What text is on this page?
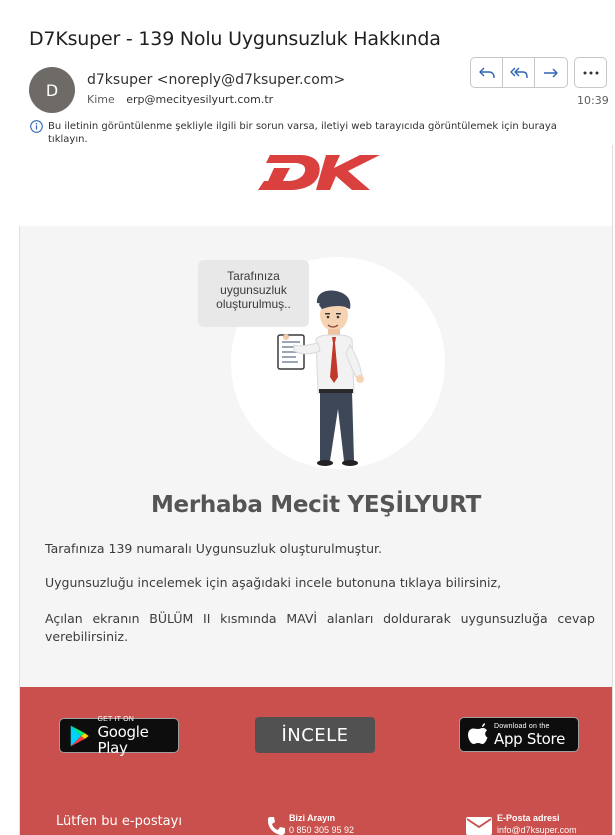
D7Ksuper - 139 Nolu Uygunsuzluk Hakkında
D
d7ksuper <noreply@d7ksuper.com>
Kime erp@mecityesilyurt.com.tr	10:39
Bu iletinin görüntülenme şekliyle ilgili bir sorun varsa, iletiyi web tarayıcıda görüntülemek için buraya tıklayın.
Tarafınıza uygunsuzluk oluşturulmuş..
Merhaba Mecit YEŞİLYURT
Tarafınıza 139 numaralı Uygunsuzluk oluşturulmuştur.
Uygunsuzluğu incelemek için aşağıdaki incele butonuna tıklaya bilirsiniz,
Açılan ekranın BÜLÜM II kısmında MAVİ alanları doldurarak uygunsuzluğa cevap verebilirsiniz.
GET IT ON
Google Play
İNCELE	Download on the
App Store
Lütfen bu e-postayı	Bizi Arayın
0 850 305 95 92
E-Posta adresi
info@d7ksuper.com
